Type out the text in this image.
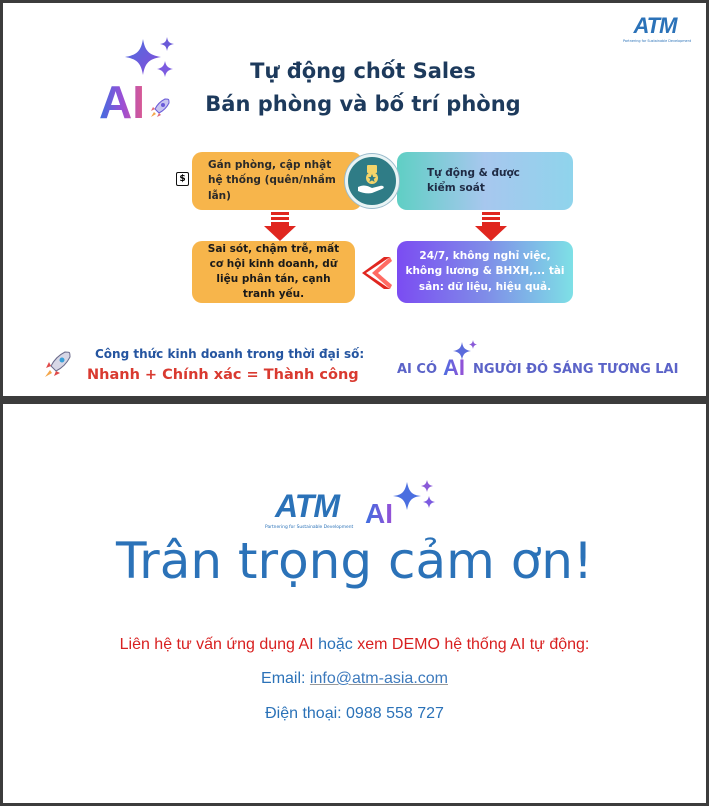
ATM
Partnering for Sustainable Development
AI
Tự động chốt Sales
Bán phòng và bố trí phòng
$
Gán phòng, cập nhật hệ thống (quên/nhầm lẫn)
Tự động & được kiểm soát
Sai sót, chậm trễ, mất cơ hội kinh doanh, dữ liệu phân tán, cạnh tranh yếu.
24/7, không nghỉ việc, không lương & BHXH,... tài sản: dữ liệu, hiệu quả.
Công thức kinh doanh trong thời đại số:
Nhanh + Chính xác = Thành công	AI CÓ AI NGƯỜI ĐÓ SÁNG TƯƠNG LAI
ATM
Partnering for Sustainable Development AI
Trân trọng cảm ơn!
Liên hệ tư vấn ứng dụng AI hoặc xem DEMO hệ thống AI tự động:
Email: info@atm-asia.com
Điện thoại: 0988 558 727
